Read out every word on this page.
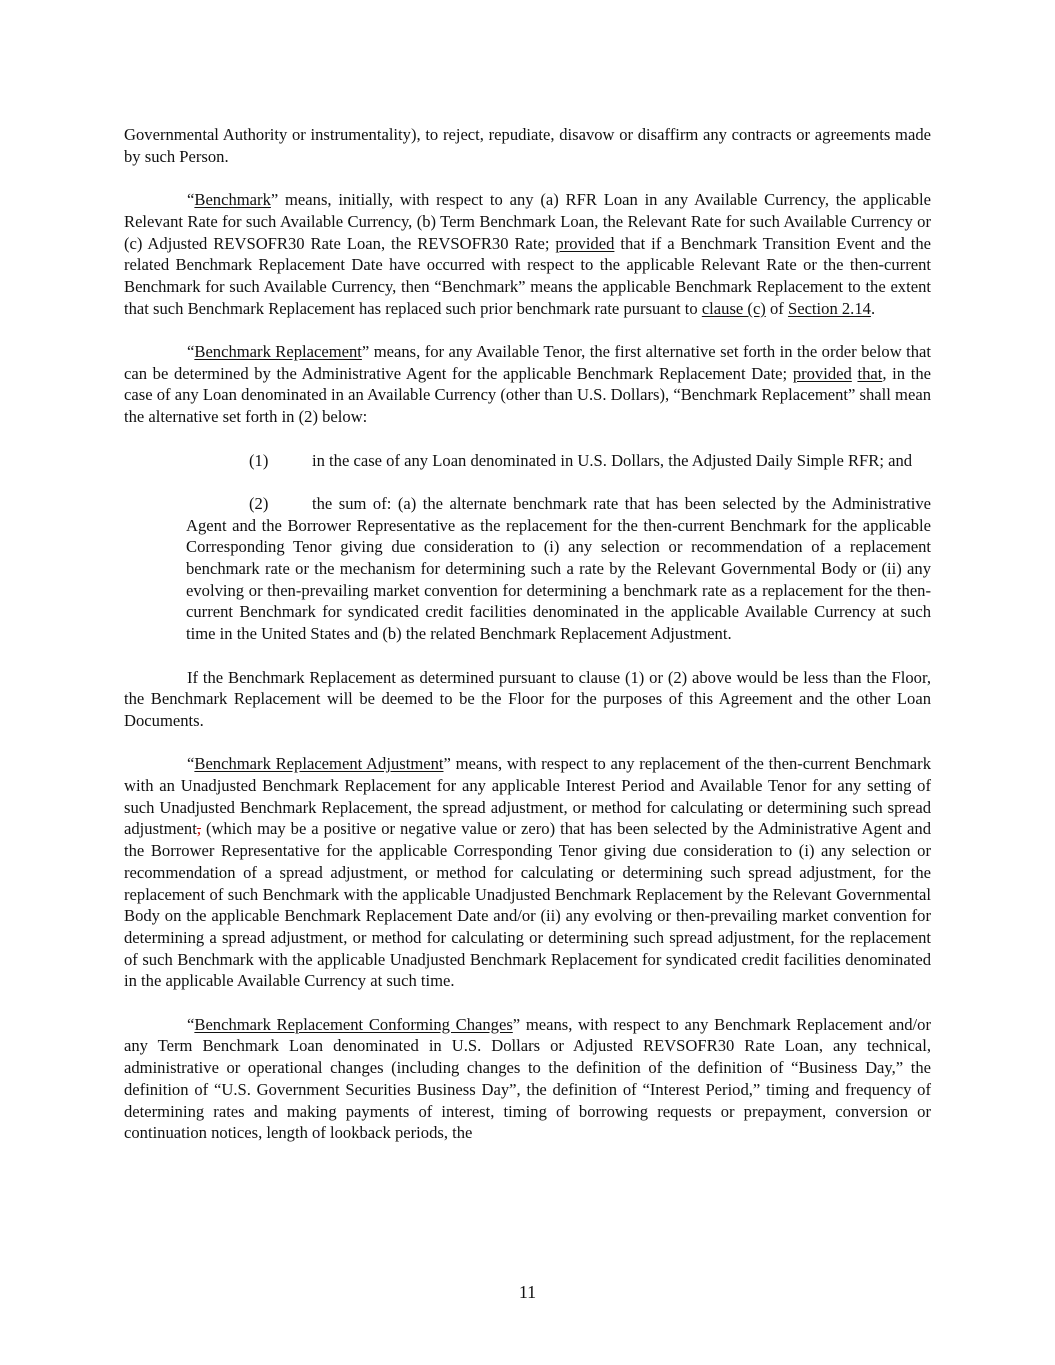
Governmental Authority or instrumentality), to reject, repudiate, disavow or disaffirm any contracts or agreements made by such Person.

“Benchmark” means, initially, with respect to any (a) RFR Loan in any Available Currency, the applicable Relevant Rate for such Available Currency, (b) Term Benchmark Loan, the Relevant Rate for such Available Currency or (c) Adjusted REVSOFR30 Rate Loan, the REVSOFR30 Rate; provided that if a Benchmark Transition Event and the related Benchmark Replacement Date have occurred with respect to the applicable Relevant Rate or the then-current Benchmark for such Available Currency, then “Benchmark” means the applicable Benchmark Replacement to the extent that such Benchmark Replacement has replaced such prior benchmark rate pursuant to clause (c) of Section 2.14.

“Benchmark Replacement” means, for any Available Tenor, the first alternative set forth in the order below that can be determined by the Administrative Agent for the applicable Benchmark Replacement Date; provided that, in the case of any Loan denominated in an Available Currency (other than U.S. Dollars), “Benchmark Replacement” shall mean the alternative set forth in (2) below:

(1)	in the case of any Loan denominated in U.S. Dollars, the Adjusted Daily Simple RFR; and

(2)	the sum of: (a) the alternate benchmark rate that has been selected by the Administrative Agent and the Borrower Representative as the replacement for the then-current Benchmark for the applicable Corresponding Tenor giving due consideration to (i) any selection or recommendation of a replacement benchmark rate or the mechanism for determining such a rate by the Relevant Governmental Body or (ii) any evolving or then-prevailing market convention for determining a benchmark rate as a replacement for the then-current Benchmark for syndicated credit facilities denominated in the applicable Available Currency at such time in the United States and (b) the related Benchmark Replacement Adjustment.

If the Benchmark Replacement as determined pursuant to clause (1) or (2) above would be less than the Floor, the Benchmark Replacement will be deemed to be the Floor for the purposes of this Agreement and the other Loan Documents.

“Benchmark Replacement Adjustment” means, with respect to any replacement of the then-current Benchmark with an Unadjusted Benchmark Replacement for any applicable Interest Period and Available Tenor for any setting of such Unadjusted Benchmark Replacement, the spread adjustment, or method for calculating or determining such spread adjustment, (which may be a positive or negative value or zero) that has been selected by the Administrative Agent and the Borrower Representative for the applicable Corresponding Tenor giving due consideration to (i) any selection or recommendation of a spread adjustment, or method for calculating or determining such spread adjustment, for the replacement of such Benchmark with the applicable Unadjusted Benchmark Replacement by the Relevant Governmental Body on the applicable Benchmark Replacement Date and/or (ii) any evolving or then-prevailing market convention for determining a spread adjustment, or method for calculating or determining such spread adjustment, for the replacement of such Benchmark with the applicable Unadjusted Benchmark Replacement for syndicated credit facilities denominated in the applicable Available Currency at such time.

“Benchmark Replacement Conforming Changes” means, with respect to any Benchmark Replacement and/or any Term Benchmark Loan denominated in U.S. Dollars or Adjusted REVSOFR30 Rate Loan, any technical, administrative or operational changes (including changes to the definition of the definition of “Business Day,” the definition of “U.S. Government Securities Business Day”, the definition of “Interest Period,” timing and frequency of determining rates and making payments of interest, timing of borrowing requests or prepayment, conversion or continuation notices, length of lookback periods, the

11
